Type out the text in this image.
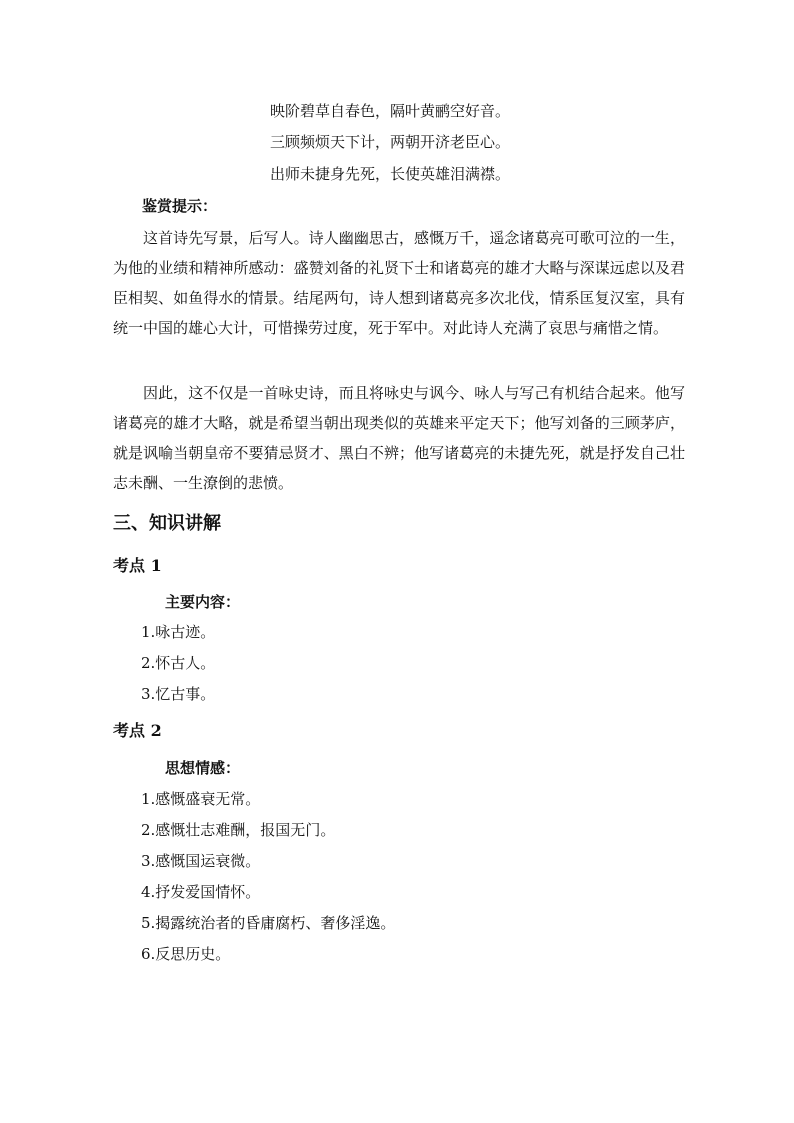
映阶碧草自春色，隔叶黄鹂空好音。
三顾频烦天下计，两朝开济老臣心。
出师未捷身先死，长使英雄泪满襟。
鉴赏提示：
这首诗先写景，后写人。诗人幽幽思古，感慨万千，遥念诸葛亮可歌可泣的一生，为他的业绩和精神所感动：盛赞刘备的礼贤下士和诸葛亮的雄才大略与深谋远虑以及君臣相契、如鱼得水的情景。结尾两句，诗人想到诸葛亮多次北伐，情系匡复汉室，具有统一中国的雄心大计，可惜操劳过度，死于军中。对此诗人充满了哀思与痛惜之情。
因此，这不仅是一首咏史诗，而且将咏史与讽今、咏人与写己有机结合起来。他写诸葛亮的雄才大略，就是希望当朝出现类似的英雄来平定天下；他写刘备的三顾茅庐，就是讽喻当朝皇帝不要猜忌贤才、黑白不辨；他写诸葛亮的未捷先死，就是抒发自己壮志未酬、一生潦倒的悲愤。
三、知识讲解
考点 1
主要内容：
1.咏古迹。
2.怀古人。
3.忆古事。
考点 2
思想情感：
1.感慨盛衰无常。
2.感慨壮志难酬，报国无门。
3.感慨国运衰微。
4.抒发爱国情怀。
5.揭露统治者的昏庸腐朽、奢侈淫逸。
6.反思历史。
